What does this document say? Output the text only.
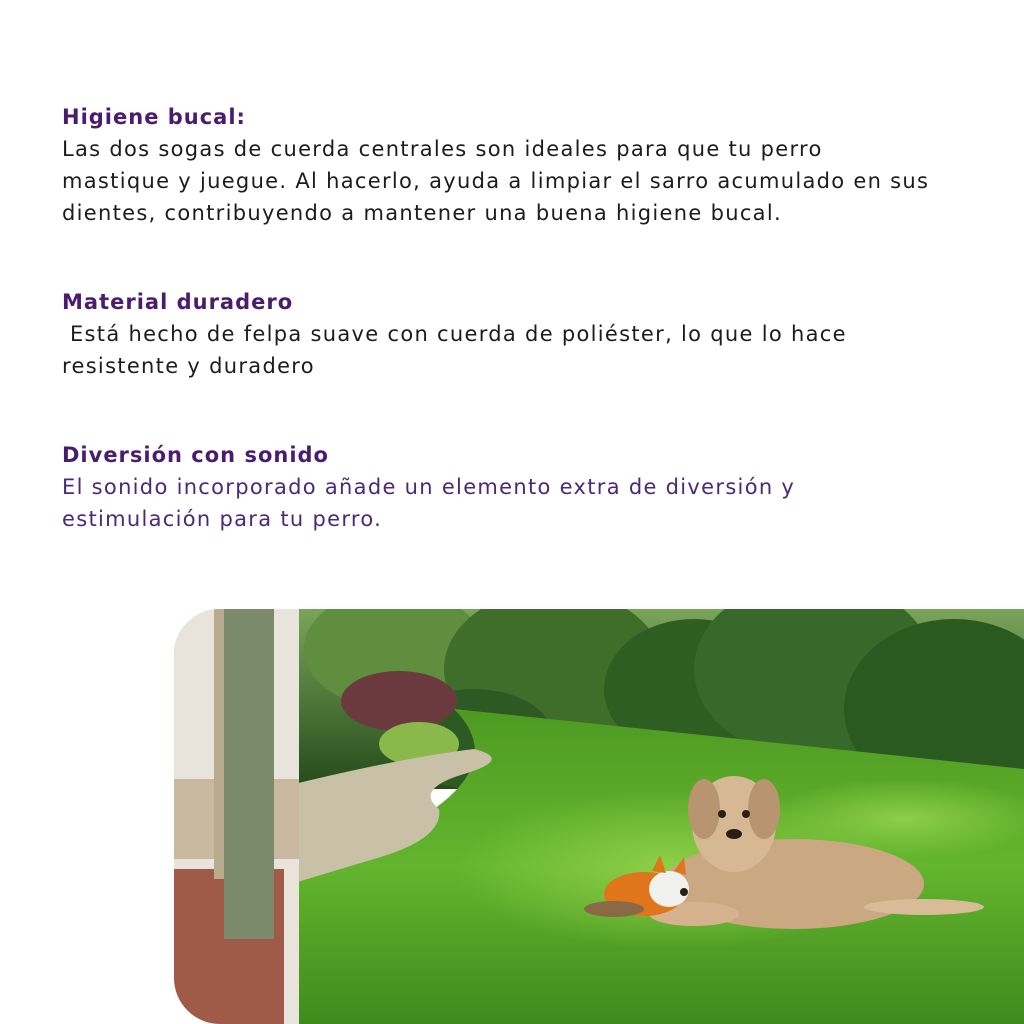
Higiene bucal:

Las dos sogas de cuerda centrales son ideales para que tu perro

mastique y juegue. Al hacerlo, ayuda a limpiar el sarro acumulado en sus

dientes, contribuyendo a mantener una buena higiene bucal.

Material duradero

Está hecho de felpa suave con cuerda de poliéster, lo que lo hace

resistente y duradero

Diversión con sonido

El sonido incorporado añade un elemento extra de diversión y

estimulación para tu perro.
